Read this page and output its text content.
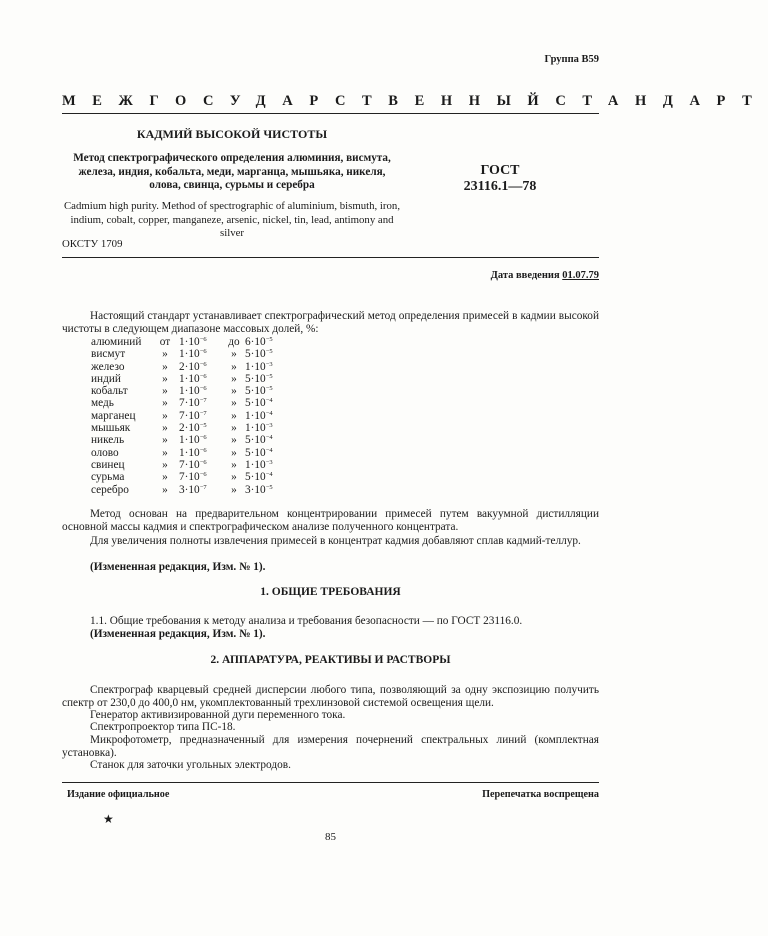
Группа В59
МЕЖГОСУДАРСТВЕННЫЙ СТАНДАРТ
КАДМИЙ ВЫСОКОЙ ЧИСТОТЫ
Метод спектрографического определения алюминия, висмута, железа, индия, кобальта, меди, марганца, мышьяка, никеля, олова, свинца, сурьмы и серебра
ГОСТ
23116.1—78
Cadmium high purity. Method of spectrographic of aluminium, bismuth, iron, indium, cobalt, copper, manganeze, arsenic, nickel, tin, lead, antimony and silver
ОКСТУ 1709
Дата введения 01.07.79
Настоящий стандарт устанавливает спектрографический метод определения примесей в кадмии высокой чистоты в следующем диапазоне массовых долей, %:
алюминий	от $1\cdot 10^{-6}$	до $6\cdot 10^{-5}$
висмут	» $1\cdot 10^{-6}$	» $5\cdot 10^{-5}$
железо	» $2\cdot 10^{-6}$	» $1\cdot 10^{-3}$
индий	» $1\cdot 10^{-6}$	» $5\cdot 10^{-5}$
кобальт	» $1\cdot 10^{-6}$	» $5\cdot 10^{-5}$
медь	» $7\cdot 10^{-7}$	» $5\cdot 10^{-4}$
марганец	» $7\cdot 10^{-7}$	» $1\cdot 10^{-4}$
мышьяк	» $2\cdot 10^{-5}$	» $1\cdot 10^{-3}$
никель	» $1\cdot 10^{-6}$	» $5\cdot 10^{-4}$
олово	» $1\cdot 10^{-6}$	» $5\cdot 10^{-4}$
свинец	» $7\cdot 10^{-6}$	» $1\cdot 10^{-3}$
сурьма	» $7\cdot 10^{-6}$	» $5\cdot 10^{-4}$
серебро	» $3\cdot 10^{-7}$	» $3\cdot 10^{-5}$
Метод основан на предварительном концентрировании примесей путем вакуумной дистилляции основной массы кадмия и спектрографическом анализе полученного концентрата.
Для увеличения полноты извлечения примесей в концентрат кадмия добавляют сплав кадмий-теллур.
(Измененная редакция, Изм. № 1).
1. ОБЩИЕ ТРЕБОВАНИЯ
1.1. Общие требования к методу анализа и требования безопасности — по ГОСТ 23116.0.
(Измененная редакция, Изм. № 1).
2. АППАРАТУРА, РЕАКТИВЫ И РАСТВОРЫ
Спектрограф кварцевый средней дисперсии любого типа, позволяющий за одну экспозицию получить спектр от 230,0 до 400,0 нм, укомплектованный трехлинзовой системой освещения щели.
Генератор активизированной дуги переменного тока.
Спектропроектор типа ПС-18.
Микрофотометр, предназначенный для измерения почернений спектральных линий (комплектная установка).
Станок для заточки угольных электродов.
Издание официальное	Перепечатка воспрещена
★
85
